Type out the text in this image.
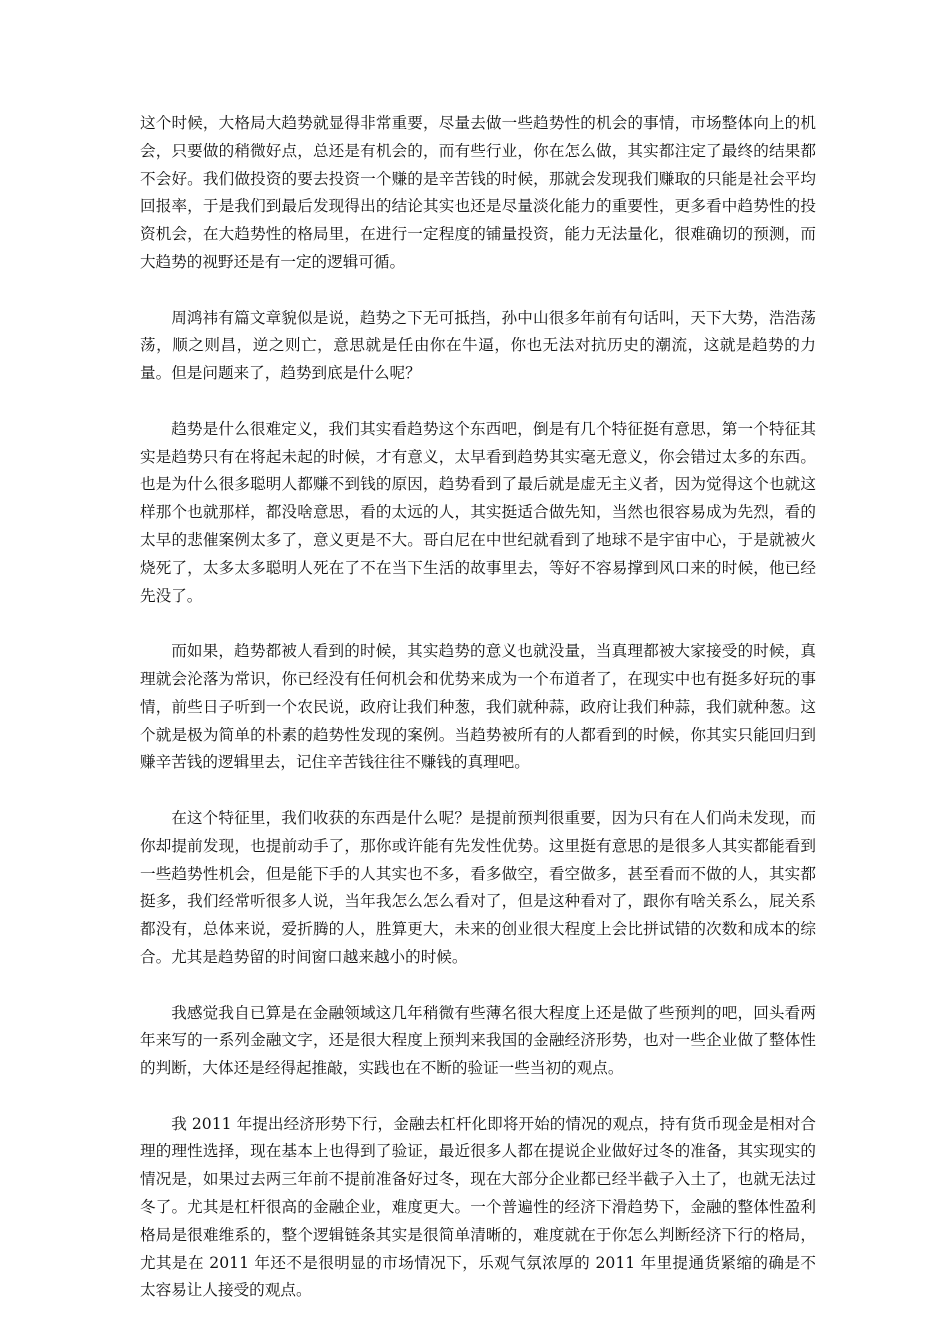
这个时候，大格局大趋势就显得非常重要，尽量去做一些趋势性的机会的事情，市场整体向上的机会，只要做的稍微好点，总还是有机会的，而有些行业，你在怎么做，其实都注定了最终的结果都不会好。我们做投资的要去投资一个赚的是辛苦钱的时候，那就会发现我们赚取的只能是社会平均回报率，于是我们到最后发现得出的结论其实也还是尽量淡化能力的重要性，更多看中趋势性的投资机会，在大趋势性的格局里，在进行一定程度的铺量投资，能力无法量化，很难确切的预测，而大趋势的视野还是有一定的逻辑可循。

周鸿祎有篇文章貌似是说，趋势之下无可抵挡，孙中山很多年前有句话叫，天下大势，浩浩荡荡，顺之则昌，逆之则亡，意思就是任由你在牛逼，你也无法对抗历史的潮流，这就是趋势的力量。但是问题来了，趋势到底是什么呢？

趋势是什么很难定义，我们其实看趋势这个东西吧，倒是有几个特征挺有意思，第一个特征其实是趋势只有在将起未起的时候，才有意义，太早看到趋势其实毫无意义，你会错过太多的东西。也是为什么很多聪明人都赚不到钱的原因，趋势看到了最后就是虚无主义者，因为觉得这个也就这样那个也就那样，都没啥意思，看的太远的人，其实挺适合做先知，当然也很容易成为先烈，看的太早的悲催案例太多了，意义更是不大。哥白尼在中世纪就看到了地球不是宇宙中心，于是就被火烧死了，太多太多聪明人死在了不在当下生活的故事里去，等好不容易撑到风口来的时候，他已经先没了。

而如果，趋势都被人看到的时候，其实趋势的意义也就没量，当真理都被大家接受的时候，真理就会沦落为常识，你已经没有任何机会和优势来成为一个布道者了，在现实中也有挺多好玩的事情，前些日子听到一个农民说，政府让我们种葱，我们就种蒜，政府让我们种蒜，我们就种葱。这个就是极为简单的朴素的趋势性发现的案例。当趋势被所有的人都看到的时候，你其实只能回归到赚辛苦钱的逻辑里去，记住辛苦钱往往不赚钱的真理吧。

在这个特征里，我们收获的东西是什么呢？是提前预判很重要，因为只有在人们尚未发现，而你却提前发现，也提前动手了，那你或许能有先发性优势。这里挺有意思的是很多人其实都能看到一些趋势性机会，但是能下手的人其实也不多，看多做空，看空做多，甚至看而不做的人，其实都挺多，我们经常听很多人说，当年我怎么怎么看对了，但是这种看对了，跟你有啥关系么，屁关系都没有，总体来说，爱折腾的人，胜算更大，未来的创业很大程度上会比拼试错的次数和成本的综合。尤其是趋势留的时间窗口越来越小的时候。

我感觉我自已算是在金融领域这几年稍微有些薄名很大程度上还是做了些预判的吧，回头看两年来写的一系列金融文字，还是很大程度上预判来我国的金融经济形势，也对一些企业做了整体性的判断，大体还是经得起推敲，实践也在不断的验证一些当初的观点。

我 2011 年提出经济形势下行，金融去杠杆化即将开始的情况的观点，持有货币现金是相对合理的理性选择，现在基本上也得到了验证，最近很多人都在提说企业做好过冬的准备，其实现实的情况是，如果过去两三年前不提前准备好过冬，现在大部分企业都已经半截子入土了，也就无法过冬了。尤其是杠杆很高的金融企业，难度更大。一个普遍性的经济下滑趋势下，金融的整体性盈利格局是很难维系的，整个逻辑链条其实是很简单清晰的，难度就在于你怎么判断经济下行的格局，尤其是在 2011 年还不是很明显的市场情况下，乐观气氛浓厚的 2011 年里提通货紧缩的确是不太容易让人接受的观点。
